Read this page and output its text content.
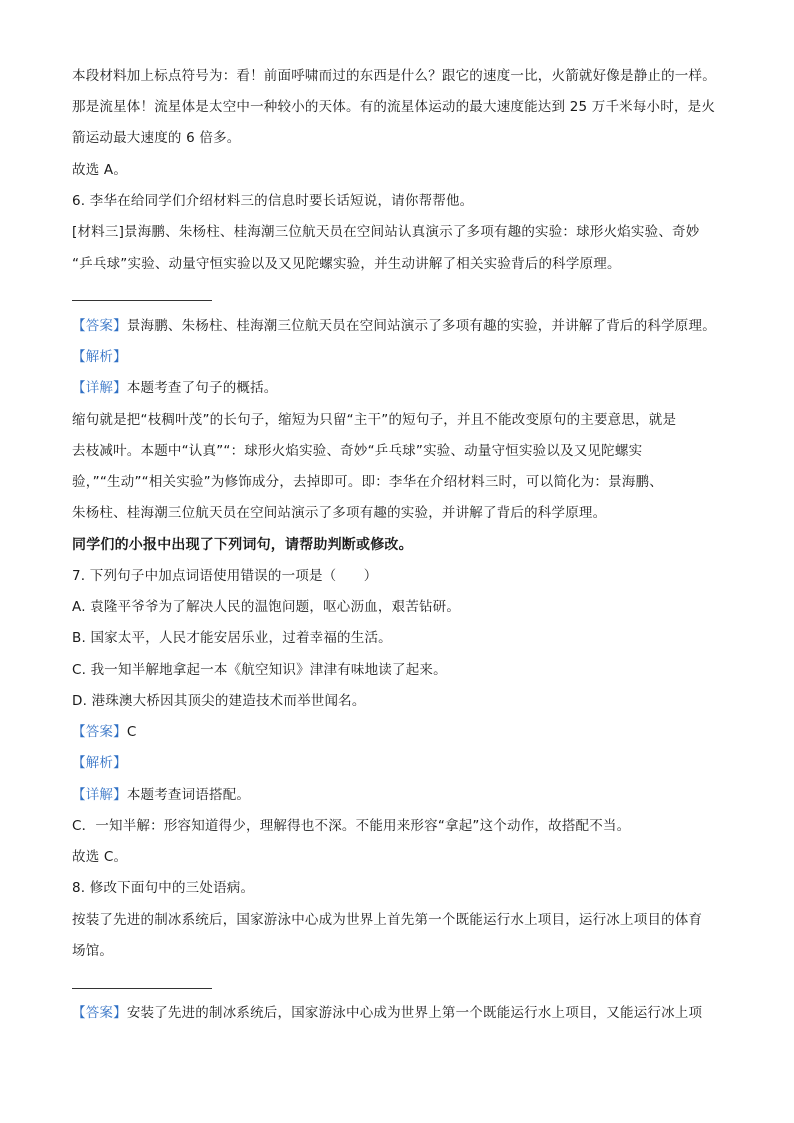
本段材料加上标点符号为：看！前面呼啸而过的东西是什么？跟它的速度一比，火箭就好像是静止的一样。
那是流星体！流星体是太空中一种较小的天体。有的流星体运动的最大速度能达到 25 万千米每小时，是火
箭运动最大速度的 6 倍多。
故选 A。
6. 李华在给同学们介绍材料三的信息时要长话短说，请你帮帮他。
[材料三]景海鹏、朱杨柱、桂海潮三位航天员在空间站认真演示了多项有趣的实验：球形火焰实验、奇妙
“乒乓球”实验、动量守恒实验以及又见陀螺实验，并生动讲解了相关实验背后的科学原理。
【答案】景海鹏、朱杨柱、桂海潮三位航天员在空间站演示了多项有趣的实验，并讲解了背后的科学原理。
【解析】
【详解】本题考查了句子的概括。
缩句就是把“枝稠叶茂”的长句子，缩短为只留“主干”的短句子，并且不能改变原句的主要意思，就是
去枝减叶。本题中“认真”“：球形火焰实验、奇妙“乒乓球”实验、动量守恒实验以及又见陀螺实
验，”“生动”“相关实验”为修饰成分，去掉即可。即：李华在介绍材料三时，可以简化为：景海鹏、
朱杨柱、桂海潮三位航天员在空间站演示了多项有趣的实验，并讲解了背后的科学原理。
同学们的小报中出现了下列词句，请帮助判断或修改。
7. 下列句子中加点词语使用错误的一项是（　　）
A. 袁隆平爷爷为了解决人民的温饱问题，呕心沥血，艰苦钻研。
B. 国家太平，人民才能安居乐业，过着幸福的生活。
C. 我一知半解地拿起一本《航空知识》津津有味地读了起来。
D. 港珠澳大桥因其顶尖的建造技术而举世闻名。
【答案】C
【解析】
【详解】本题考查词语搭配。
C．一知半解：形容知道得少，理解得也不深。不能用来形容“拿起”这个动作，故搭配不当。
故选 C。
8. 修改下面句中的三处语病。
按装了先进的制冰系统后，国家游泳中心成为世界上首先第一个既能运行水上项目，运行冰上项目的体育
场馆。
【答案】安装了先进的制冰系统后，国家游泳中心成为世界上第一个既能运行水上项目，又能运行冰上项
